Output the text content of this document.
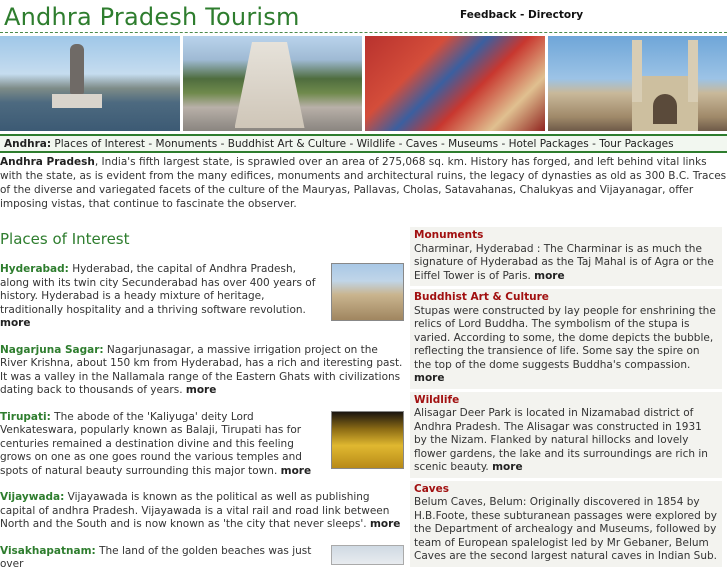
Andhra Pradesh Tourism	Feedback - Directory
Andhra: Places of Interest - Monuments - Buddhist Art & Culture - Wildlife - Caves - Museums - Hotel Packages - Tour Packages
Andhra Pradesh, India's fifth largest state, is sprawled over an area of 275,068 sq. km. History has forged, and left behind vital links with the state, as is evident from the many edifices, monuments and architectural ruins, the legacy of dynasties as old as 300 B.C. Traces of the diverse and variegated facets of the culture of the Mauryas, Pallavas, Cholas, Satavahanas, Chalukyas and Vijayanagar, offer imposing vistas, that continue to fascinate the observer.
Places of Interest
Hyderabad: Hyderabad, the capital of Andhra Pradesh, along with its twin city Secunderabad has over 400 years of history. Hyderabad is a heady mixture of heritage, traditionally hospitality and a thriving software revolution. more
Nagarjuna Sagar: Nagarjunasagar, a massive irrigation project on the River Krishna, about 150 km from Hyderabad, has a rich and iteresting past. It was a valley in the Nallamala range of the Eastern Ghats with civilizations dating back to thousands of years. more
Tirupati: The abode of the 'Kaliyuga' deity Lord Venkateswara, popularly known as Balaji, Tirupati has for centuries remained a destination divine and this feeling grows on one as one goes round the various temples and spots of natural beauty surrounding this major town. more
Vijaywada: Vijayawada is known as the political as well as publishing capital of andhra Pradesh. Vijayawada is a vital rail and road link between North and the South and is now known as 'the city that never sleeps'. more
Visakhapatnam: The land of the golden beaches was just over
Monuments
Charminar, Hyderabad : The Charminar is as much the signature of Hyderabad as the Taj Mahal is of Agra or the Eiffel Tower is of Paris. more
Buddhist Art & Culture
Stupas were constructed by lay people for enshrining the relics of Lord Buddha. The symbolism of the stupa is varied. According to some, the dome depicts the bubble, reflecting the transience of life. Some say the spire on the top of the dome suggests Buddha's compassion. more
Wildlife
Alisagar Deer Park is located in Nizamabad district of Andhra Pradesh. The Alisagar was constructed in 1931 by the Nizam. Flanked by natural hillocks and lovely flower gardens, the lake and its surroundings are rich in scenic beauty. more
Caves
Belum Caves, Belum: Originally discovered in 1854 by H.B.Foote, these subturanean passages were explored by the Department of archealogy and Museums, followed by team of European spalelogist led by Mr Gebaner, Belum Caves are the second largest natural caves in Indian Sub.
